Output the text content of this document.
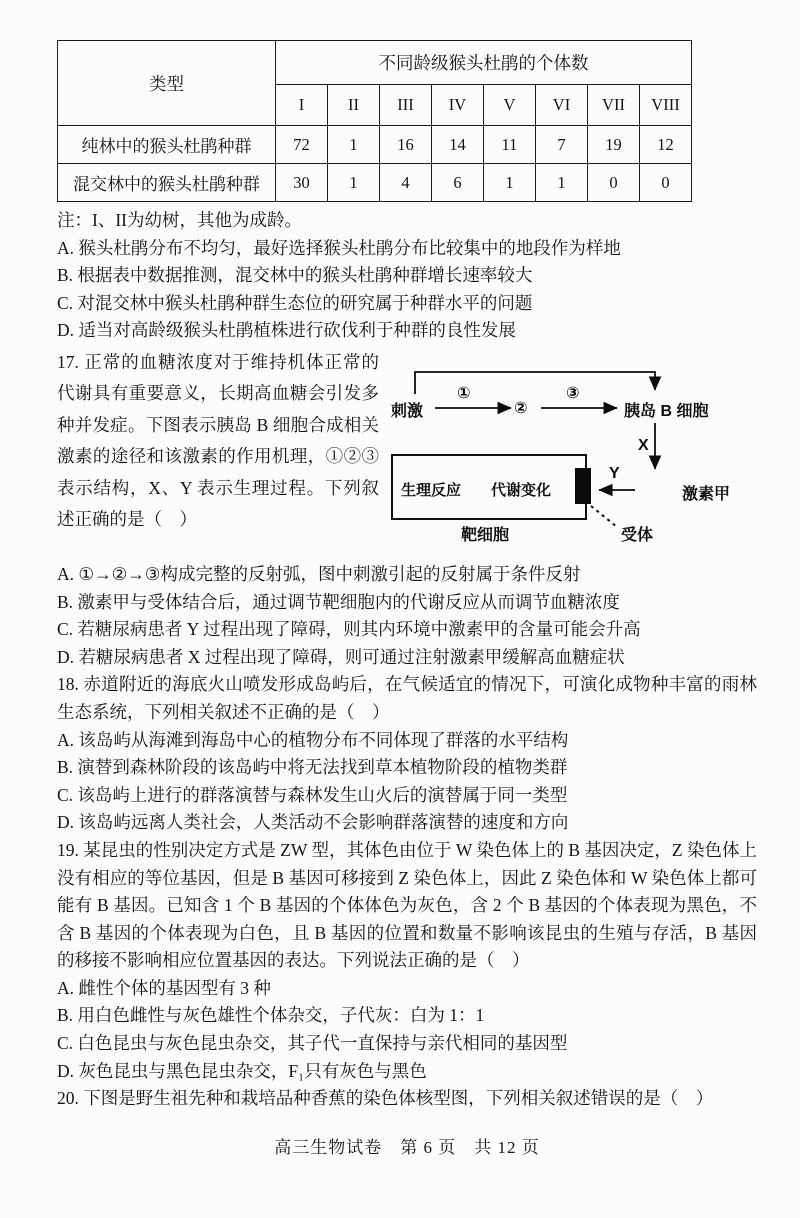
类型	不同龄级猴头杜鹃的个体数							
	I	II	III	IV	V	VI	VII	VIII
纯林中的猴头杜鹃种群	72	1	16	14	11	7	19	12
混交林中的猴头杜鹃种群	30	1	4	6	1	1	0	0
注：I、II为幼树，其他为成龄。
A. 猴头杜鹃分布不均匀，最好选择猴头杜鹃分布比较集中的地段作为样地
B. 根据表中数据推测，混交林中的猴头杜鹃种群增长速率较大
C. 对混交林中猴头杜鹃种群生态位的研究属于种群水平的问题
D. 适当对高龄级猴头杜鹃植株进行砍伐利于种群的良性发展
17. 正常的血糖浓度对于维持机体正常的代谢具有重要意义，长期高血糖会引发多种并发症。下图表示胰岛 B 细胞合成相关激素的途径和该激素的作用机理，①②③表示结构，X、Y 表示生理过程。下列叙述正确的是（　）
刺激
①
②
③
胰岛 B 细胞
X
激素甲
Y
生理反应 代谢变化
靶细胞	受体
A. ①→②→③构成完整的反射弧，图中刺激引起的反射属于条件反射
B. 激素甲与受体结合后，通过调节靶细胞内的代谢反应从而调节血糖浓度
C. 若糖尿病患者 Y 过程出现了障碍，则其内环境中激素甲的含量可能会升高
D. 若糖尿病患者 X 过程出现了障碍，则可通过注射激素甲缓解高血糖症状
18. 赤道附近的海底火山喷发形成岛屿后，在气候适宜的情况下，可演化成物种丰富的雨林生态系统，下列相关叙述不正确的是（　）
A. 该岛屿从海滩到海岛中心的植物分布不同体现了群落的水平结构
B. 演替到森林阶段的该岛屿中将无法找到草本植物阶段的植物类群
C. 该岛屿上进行的群落演替与森林发生山火后的演替属于同一类型
D. 该岛屿远离人类社会，人类活动不会影响群落演替的速度和方向
19. 某昆虫的性别决定方式是 ZW 型，其体色由位于 W 染色体上的 B 基因决定，Z 染色体上没有相应的等位基因，但是 B 基因可移接到 Z 染色体上，因此 Z 染色体和 W 染色体上都可能有 B 基因。已知含 1 个 B 基因的个体体色为灰色，含 2 个 B 基因的个体表现为黑色，不含 B 基因的个体表现为白色，且 B 基因的位置和数量不影响该昆虫的生殖与存活，B 基因的移接不影响相应位置基因的表达。下列说法正确的是（　）
A. 雌性个体的基因型有 3 种
B. 用白色雌性与灰色雄性个体杂交，子代灰：白为 1：1
C. 白色昆虫与灰色昆虫杂交，其子代一直保持与亲代相同的基因型
D. 灰色昆虫与黑色昆虫杂交，F₁只有灰色与黑色
20. 下图是野生祖先种和栽培品种香蕉的染色体核型图，下列相关叙述错误的是（　）
高三生物试卷　第 6 页　共 12 页
